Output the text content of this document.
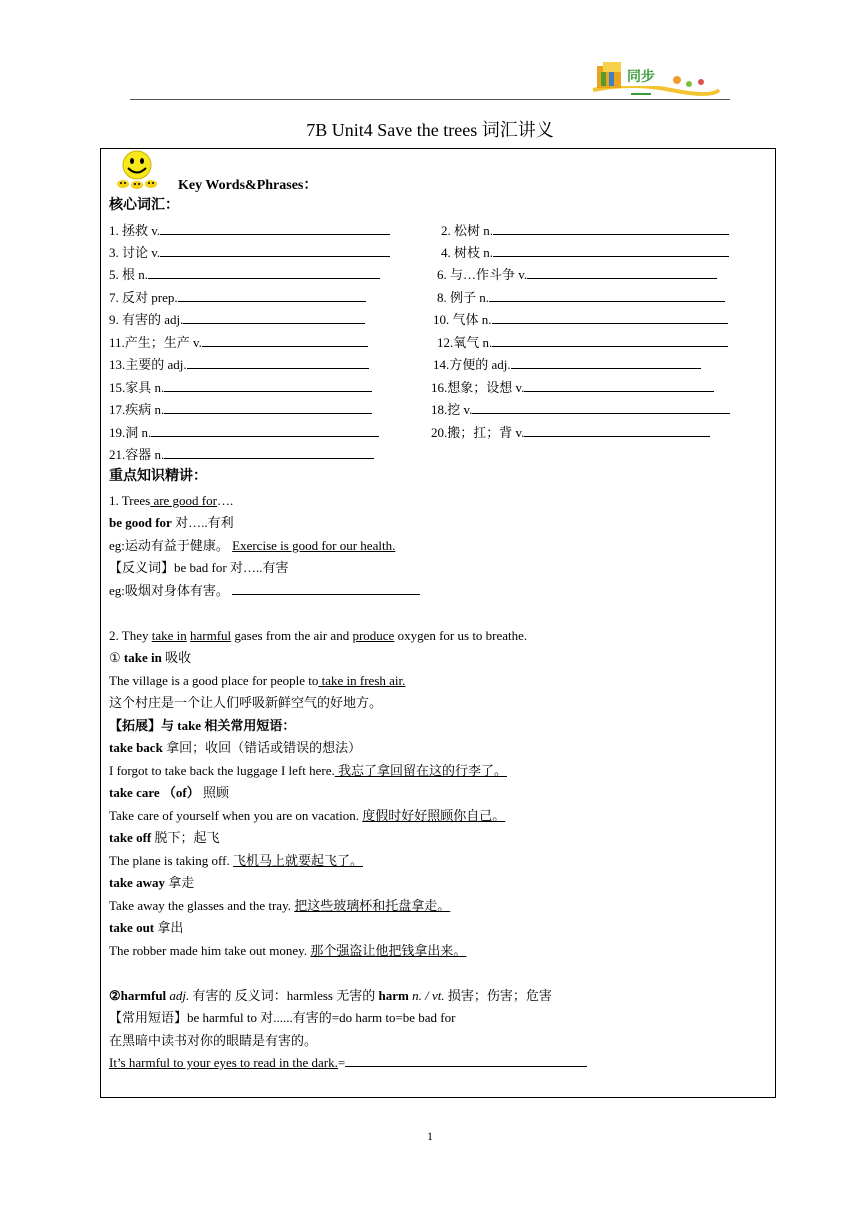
同步
7B Unit4 Save the trees 词汇讲义
Key Words&Phrases：
核心词汇：
1. 拯救 v.	2. 松树 n.
3. 讨论 v.	4. 树枝 n.
5. 根 n.	6. 与…作斗争 v.
7. 反对 prep.	8. 例子 n.
9. 有害的 adj.	10. 气体 n.
11.产生；生产 v.	12.氧气 n.
13.主要的 adj.	14.方便的 adj.
15.家具 n.	16.想象；设想 v.
17.疾病 n.	18.挖 v.
19.洞 n.	20.搬；扛；背 v.
21.容器 n.
重点知识精讲：
1. Trees are good for….
be good for 对…..有利
eg:运动有益于健康。 Exercise is good for our health.
【反义词】be bad for 对…..有害
eg:吸烟对身体有害。
2. They take in harmful gases from the air and produce oxygen for us to breathe.
① take in 吸收
The village is a good place for people to take in fresh air.
这个村庄是一个让人们呼吸新鲜空气的好地方。
【拓展】与 take 相关常用短语：
take back 拿回；收回（错话或错误的想法）
I forgot to take back the luggage I left here. 我忘了拿回留在这的行李了。
take care （of） 照顾
Take care of yourself when you are on vacation. 度假时好好照顾你自己。
take off 脱下；起飞
The plane is taking off. 飞机马上就要起飞了。
take away 拿走
Take away the glasses and the tray. 把这些玻璃杯和托盘拿走。
take out 拿出
The robber made him take out money. 那个强盗让他把钱拿出来。
②harmful adj. 有害的 反义词：harmless 无害的 harm n. / vt. 损害；伤害；危害
【常用短语】be harmful to 对......有害的=do harm to=be bad for
在黑暗中读书对你的眼睛是有害的。
It’s harmful to your eyes to read in the dark.=
1
